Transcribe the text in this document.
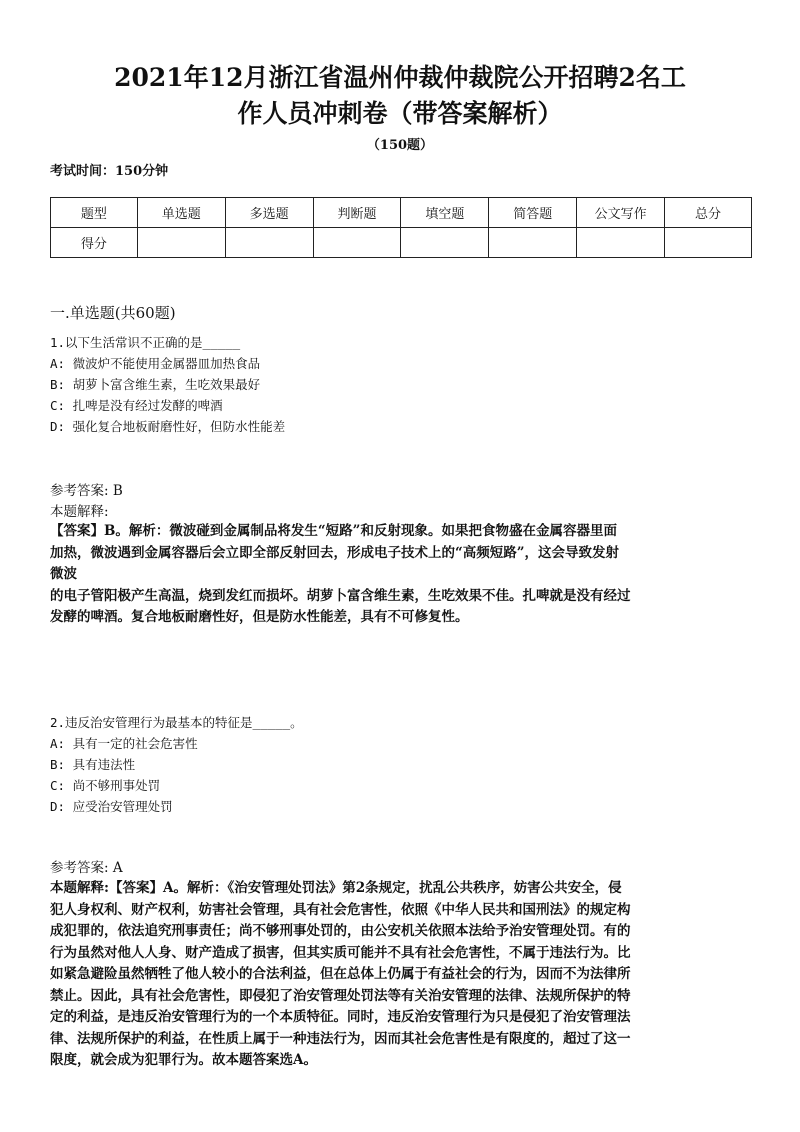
2021年12月浙江省温州仲裁仲裁院公开招聘2名工
作人员冲刺卷（带答案解析）
（150题）
考试时间：150分钟
题型	单选题	多选题	判断题	填空题	简答题	公文写作	总分
得分							
一.单选题(共60题)
1.以下生活常识不正确的是_____
A: 微波炉不能使用金属器皿加热食品
B: 胡萝卜富含维生素，生吃效果最好
C: 扎啤是没有经过发酵的啤酒
D: 强化复合地板耐磨性好，但防水性能差
参考答案: B
本题解释:
【答案】B。解析：微波碰到金属制品将发生“短路”和反射现象。如果把食物盛在金属容器里面
加热，微波遇到金属容器后会立即全部反射回去，形成电子技术上的“高频短路”，这会导致发射
微波
的电子管阳极产生高温，烧到发红而损坏。胡萝卜富含维生素，生吃效果不佳。扎啤就是没有经过
发酵的啤酒。复合地板耐磨性好，但是防水性能差，具有不可修复性。
2.违反治安管理行为最基本的特征是_____。
A: 具有一定的社会危害性
B: 具有违法性
C: 尚不够刑事处罚
D: 应受治安管理处罚
参考答案: A
本题解释:【答案】A。解析：《治安管理处罚法》第2条规定，扰乱公共秩序，妨害公共安全，侵
犯人身权利、财产权利，妨害社会管理，具有社会危害性，依照《中华人民共和国刑法》的规定构
成犯罪的，依法追究刑事责任；尚不够刑事处罚的，由公安机关依照本法给予治安管理处罚。有的
行为虽然对他人人身、财产造成了损害，但其实质可能并不具有社会危害性，不属于违法行为。比
如紧急避险虽然牺牲了他人较小的合法利益，但在总体上仍属于有益社会的行为，因而不为法律所
禁止。因此，具有社会危害性，即侵犯了治安管理处罚法等有关治安管理的法律、法规所保护的特
定的利益，是违反治安管理行为的一个本质特征。同时，违反治安管理行为只是侵犯了治安管理法
律、法规所保护的利益，在性质上属于一种违法行为，因而其社会危害性是有限度的，超过了这一
限度，就会成为犯罪行为。故本题答案选A。
